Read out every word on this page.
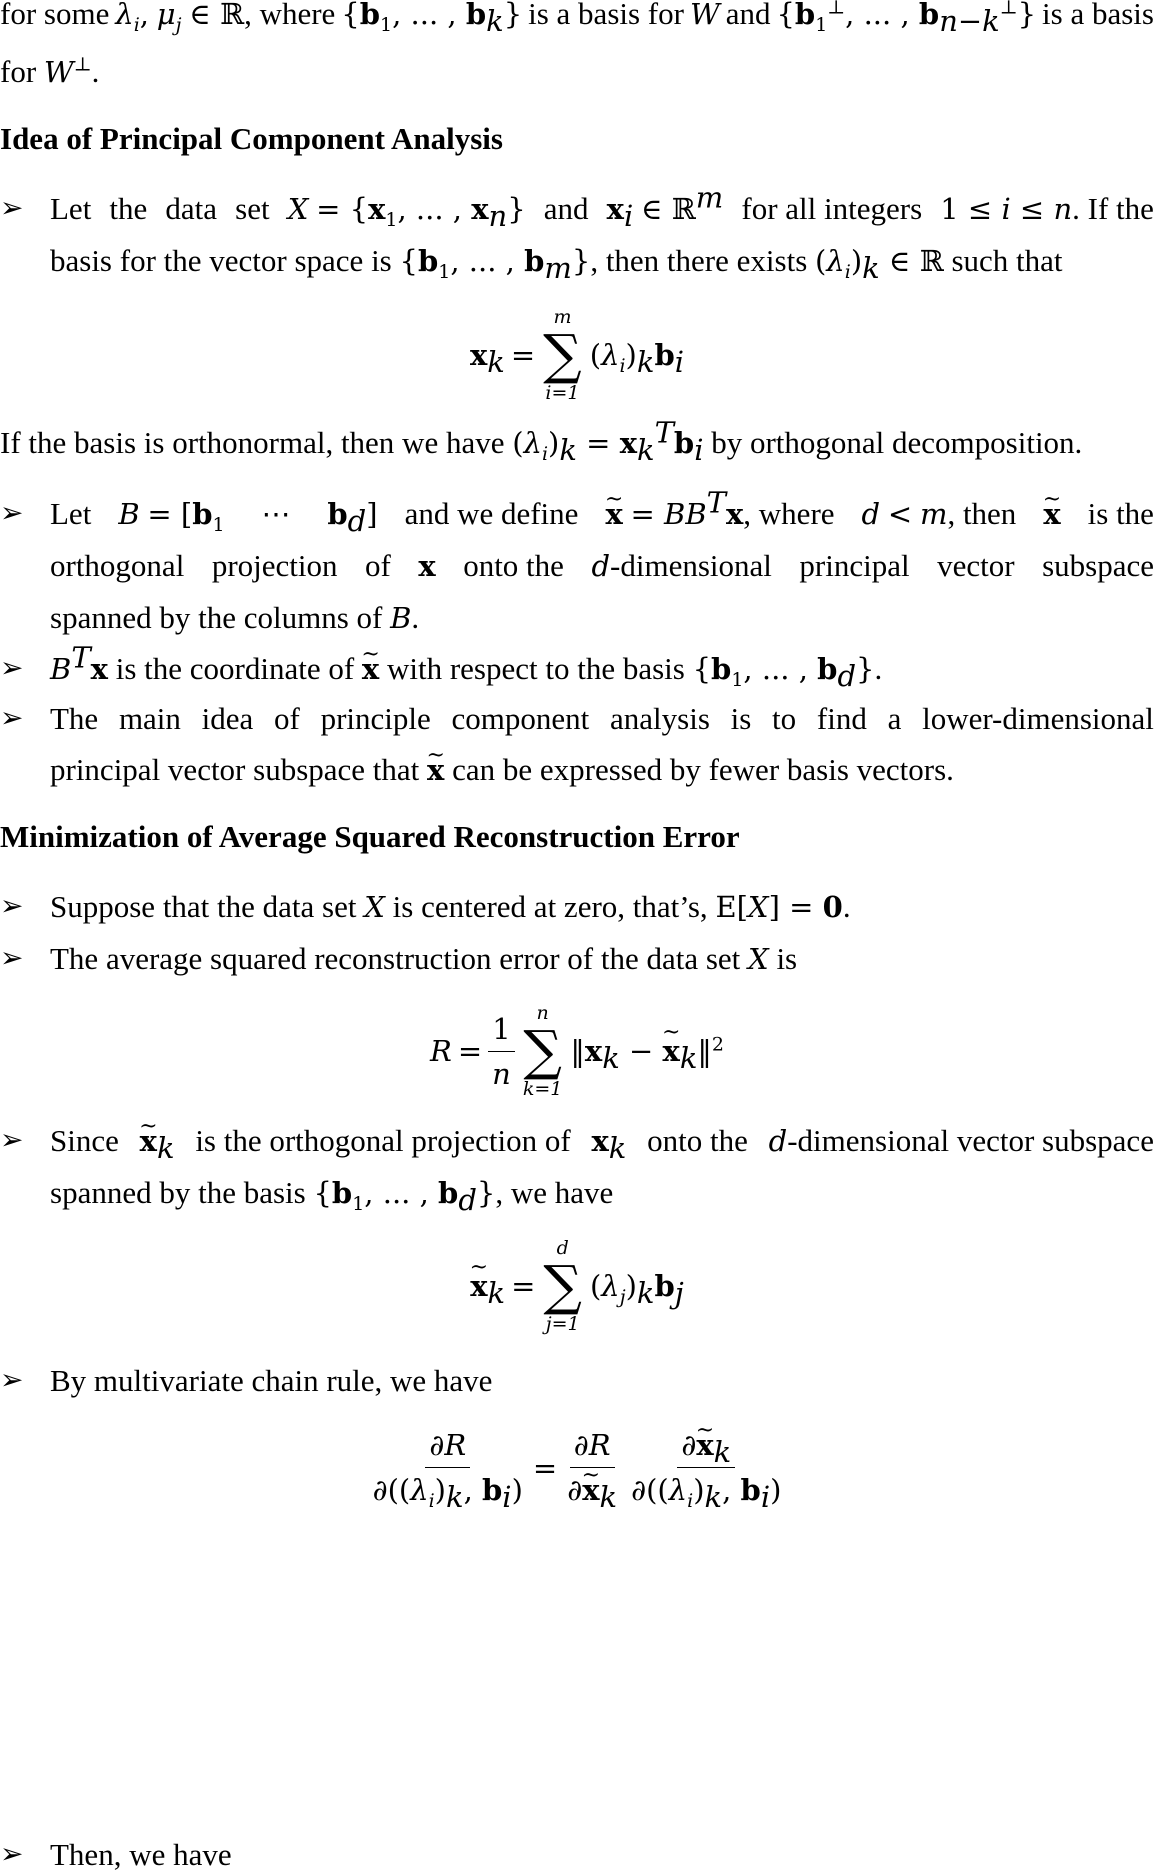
for some $\lambda_i$, $\mu_j$ ∈ ℝ, where {$b_1$, ... , $b_k$} is a basis for W and {$b_1^\perp$, ... , $b_{n-k}^\perp$} is a basis
for W⊥.
Idea of Principal Component Analysis
➢ Let the data set $X = \{x_1$, ... , $x_n$} and $x_i$ ∈ ℝ$^m$ for all integers 1 ≤ i ≤ n. If the
basis for the vector space is {$b_1$, ... , $b_m$}, then there exists $(\lambda_i)_k$ ∈ ℝ such that
$x_k$ =
m
∑
i=1
$(\lambda_i)_kb_i$
If the basis is orthonormal, then we have $(\lambda_i)_k = x_k^Tb_i$ by orthogonal decomposition.
➢ Let $B = [b_1$    ⋯    $b_d$] and we define ~ $x = BB^Tx$, where d < m, then ~ x is the
orthogonal projection of x onto the d-dimensional principal vector subspace
spanned by the columns of B.
➢ $B^Tx$ is the coordinate of ~ x with respect to the basis {$b_1$, ... , $b_d$}.
➢ The main idea of principle component analysis is to find a lower-dimensional
principal vector subspace that ~ x can be expressed by fewer basis vectors.
Minimization of Average Squared Reconstruction Error
➢ Suppose that the data set X is centered at zero, that’s, E[X] = 0.
➢ The average squared reconstruction error of the data set X is
$R = \frac{1}{n}$ n
∑
k=1
$‖x_k$ − ~ $x_k‖^2$
➢ Since ~ $x_k$ is the orthogonal projection of $x_k$ onto the d-dimensional vector subspace
spanned by the basis {$b_1$, ... , $b_d$}, we have
~ $x_k$ =
d
∑
j=1
$(\lambda_j)_kb_j$
➢ By multivariate chain rule, we have
$\frac{\partial R}{\partial((\lambda_i)_k, b_i)} = \frac{\partial R}{\partial\sim x_k} \frac{\partial\sim x_k}{\partial((\lambda_i)_k, b_i)}$
➢ Then, we have
